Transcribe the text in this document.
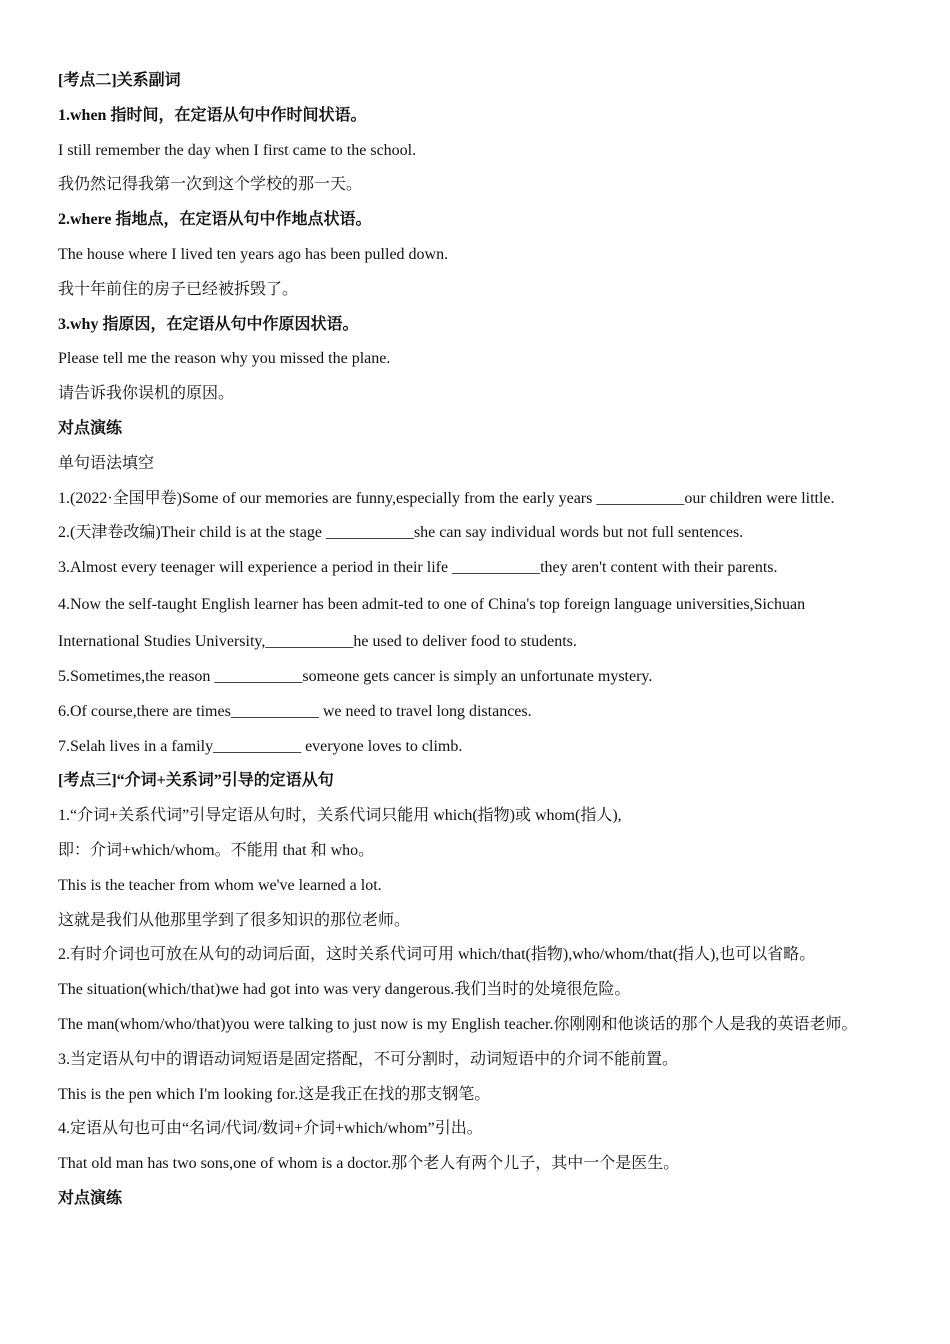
[考点二]关系副词
1.when 指时间，在定语从句中作时间状语。
I still remember the day when I first came to the school.
我仍然记得我第一次到这个学校的那一天。
2.where 指地点，在定语从句中作地点状语。
The house where I lived ten years ago has been pulled down.
我十年前住的房子已经被拆毁了。
3.why 指原因，在定语从句中作原因状语。
Please tell me the reason why you missed the plane.
请告诉我你误机的原因。
对点演练
单句语法填空
1.(2022·全国甲卷)Some of our memories are funny,especially from the early years ___________our children were little.
2.(天津卷改编)Their child is at the stage ___________she can say individual words but not full sentences.
3.Almost every teenager will experience a period in their life ___________they aren't content with their parents.
4.Now the self-taught English learner has been admit-ted to one of China's top foreign language universities,Sichuan
International Studies University,___________he used to deliver food to students.
5.Sometimes,the reason ___________someone gets cancer is simply an unfortunate mystery.
6.Of course,there are times___________ we need to travel long distances.
7.Selah lives in a family___________ everyone loves to climb.
[考点三]“介词+关系词”引导的定语从句
1.“介词+关系代词”引导定语从句时，关系代词只能用 which(指物)或 whom(指人),
即：介词+which/whom。不能用 that 和 who。
This is the teacher from whom we've learned a lot.
这就是我们从他那里学到了很多知识的那位老师。
2.有时介词也可放在从句的动词后面，这时关系代词可用 which/that(指物),who/whom/that(指人),也可以省略。
The situation(which/that)we had got into was very dangerous.我们当时的处境很危险。
The man(whom/who/that)you were talking to just now is my English teacher.你刚刚和他谈话的那个人是我的英语老师。
3.当定语从句中的谓语动词短语是固定搭配，不可分割时，动词短语中的介词不能前置。
This is the pen which I'm looking for.这是我正在找的那支钢笔。
4.定语从句也可由“名词/代词/数词+介词+which/whom”引出。
That old man has two sons,one of whom is a doctor.那个老人有两个儿子，其中一个是医生。
对点演练
